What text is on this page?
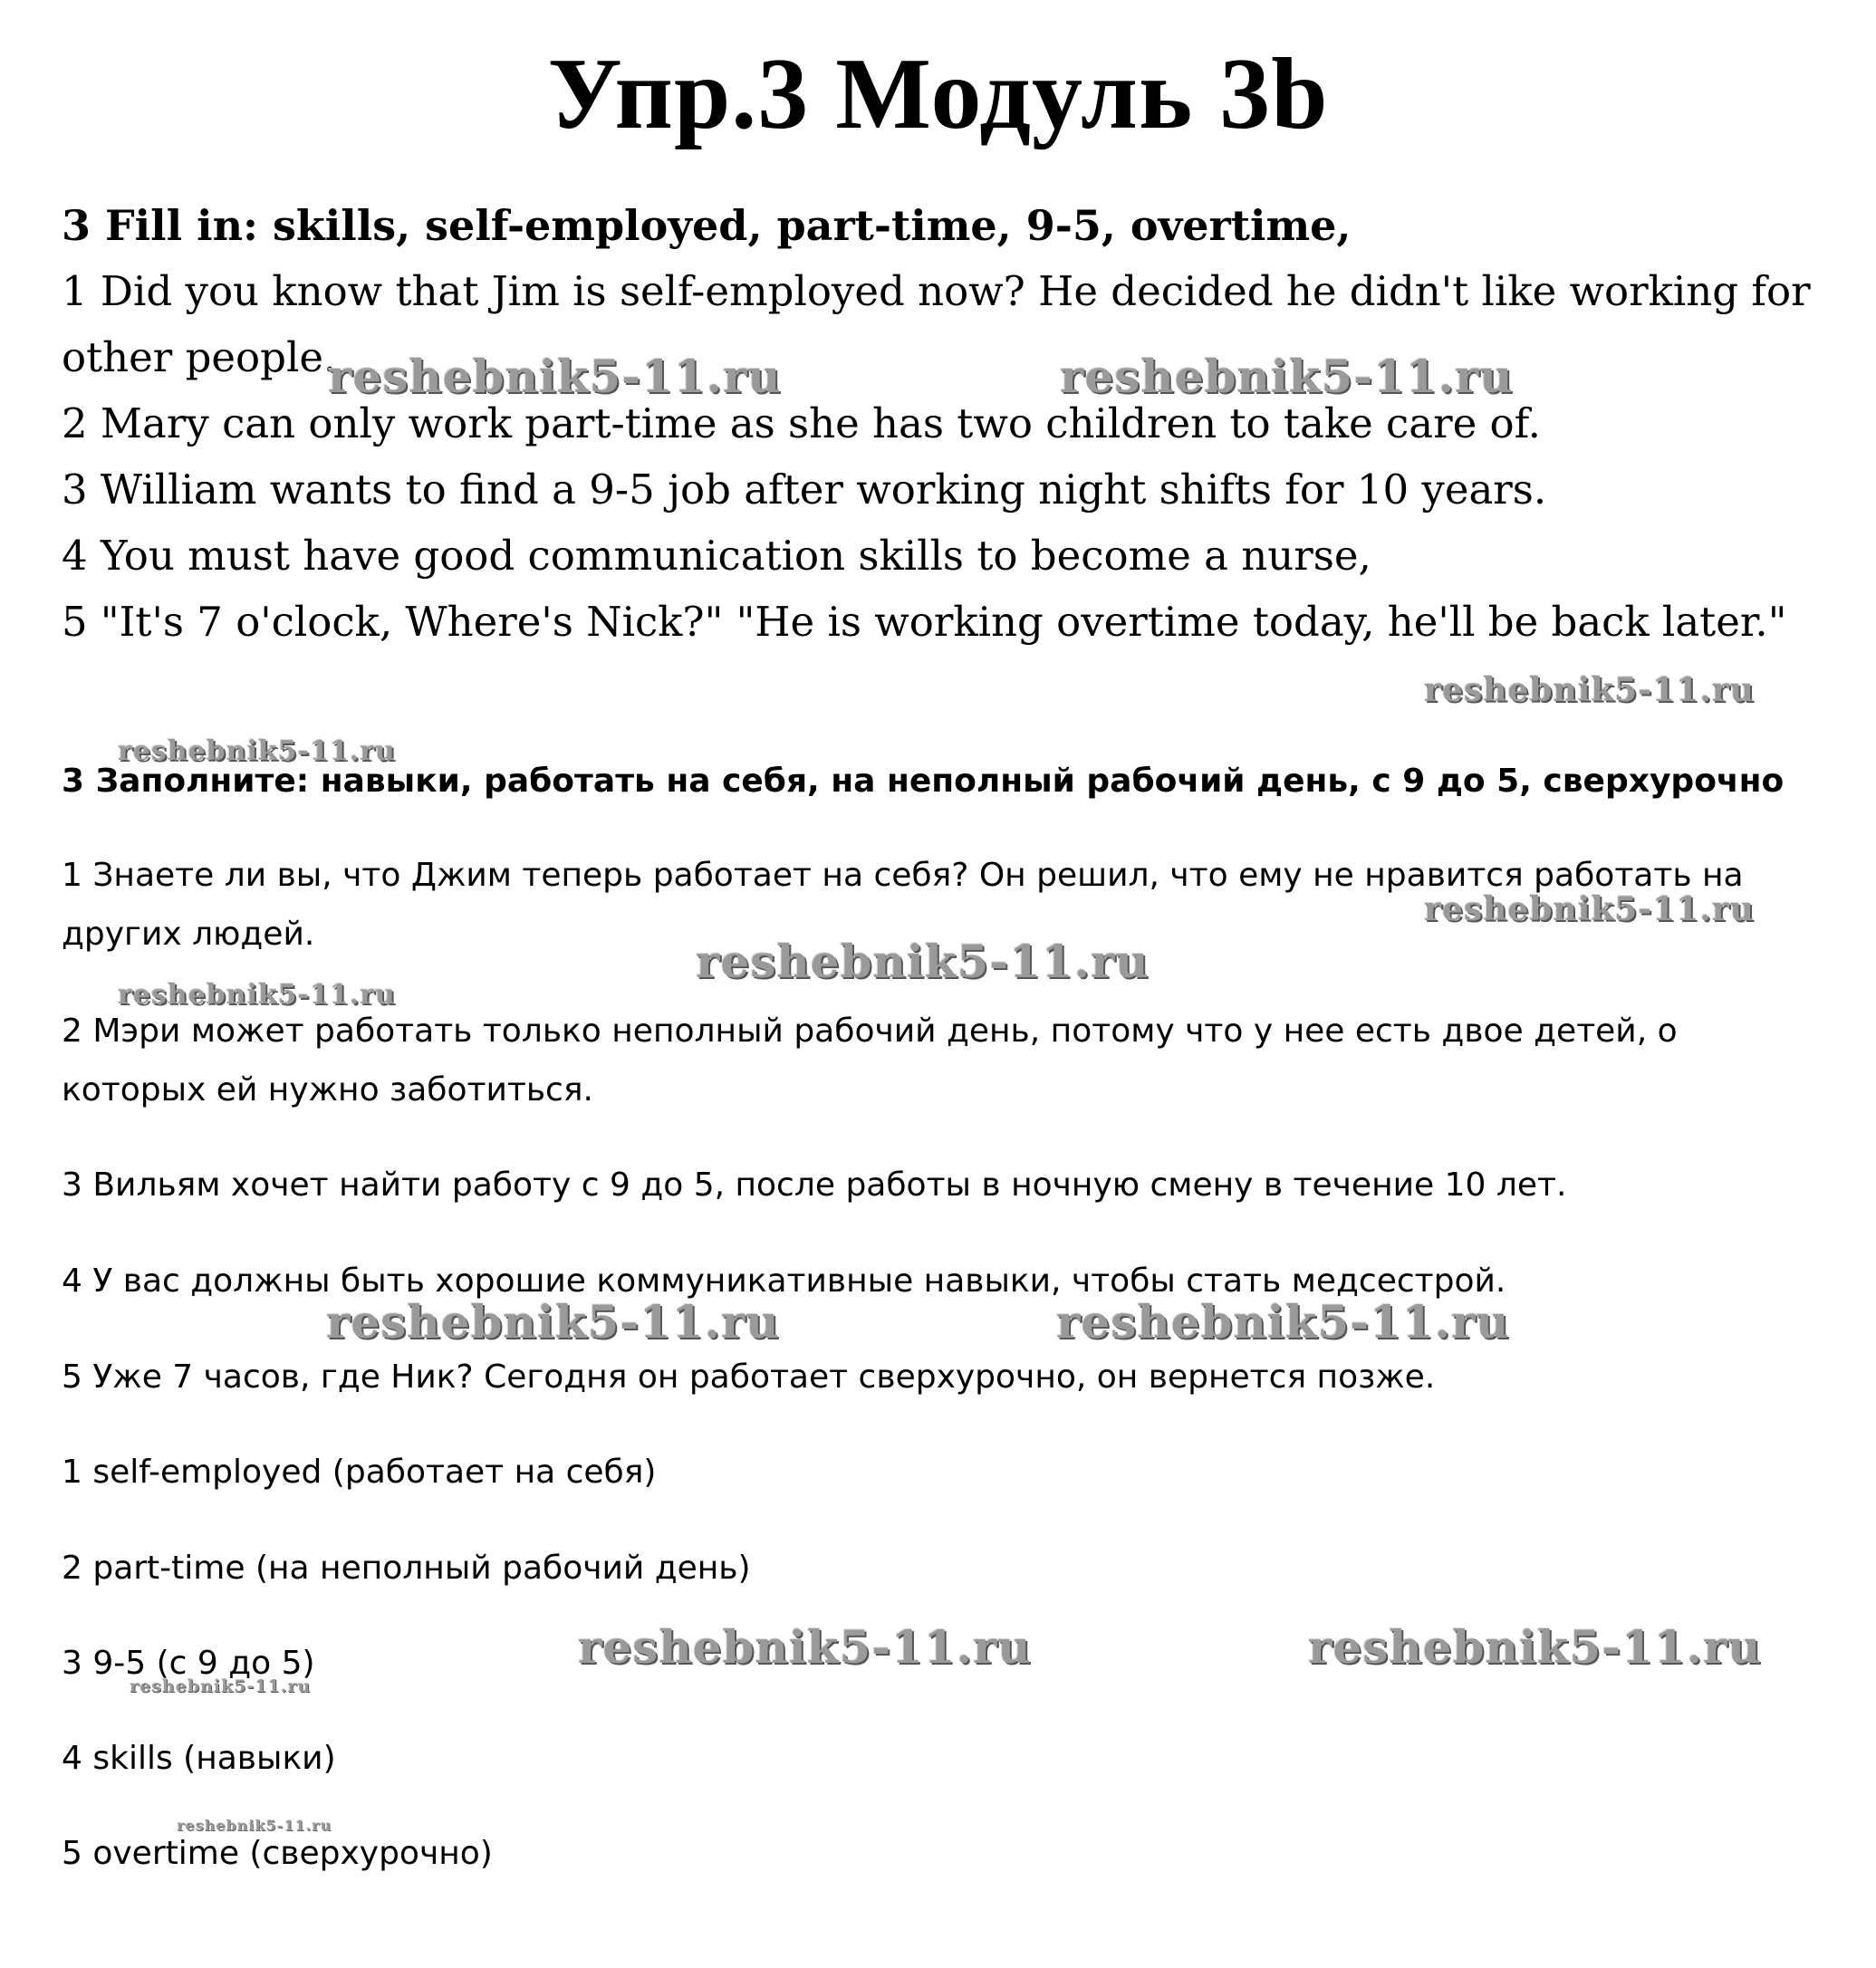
Упр.3 Модуль 3b
3 Fill in: skills, self-employed, part-time, 9-5, overtime,
1 Did you know that Jim is self-employed now? He decided he didn't like working for
other people.
2 Mary can only work part-time as she has two children to take care of.
3 William wants to find a 9-5 job after working night shifts for 10 years.
4 You must have good communication skills to become a nurse,
5 "It's 7 o'clock, Where's Nick?" "He is working overtime today, he'll be back later."
3 Заполните: навыки, работать на себя, на неполный рабочий день, с 9 до 5, сверхурочно
1 Знаете ли вы, что Джим теперь работает на себя? Он решил, что ему не нравится работать на
других людей.
2 Мэри может работать только неполный рабочий день, потому что у нее есть двое детей, о
которых ей нужно заботиться.
3 Вильям хочет найти работу с 9 до 5, после работы в ночную смену в течение 10 лет.
4 У вас должны быть хорошие коммуникативные навыки, чтобы стать медсестрой.
5 Уже 7 часов, где Ник? Сегодня он работает сверхурочно, он вернется позже.
1 self-employed (работает на себя)
2 part-time (на неполный рабочий день)
3 9-5 (с 9 до 5)
4 skills (навыки)
5 overtime (сверхурочно)
reshebnik5-11.ru	reshebnik5-11.ru
reshebnik5-11.ru
reshebnik5-11.ru
reshebnik5-11.ru
reshebnik5-11.ru
reshebnik5-11.ru
reshebnik5-11.ru	reshebnik5-11.ru
reshebnik5-11.ru	reshebnik5-11.ru
reshebnik5-11.ru
reshebnik5-11.ru
